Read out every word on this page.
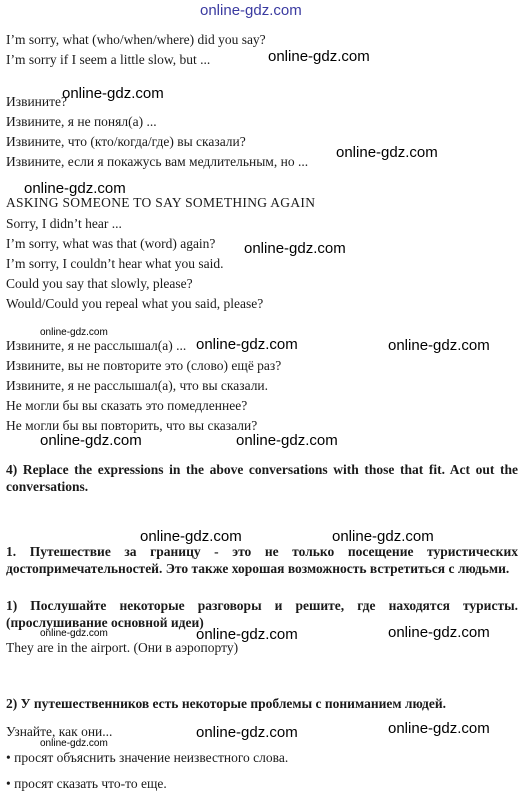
online-gdz.com
online-gdz.com
online-gdz.com
online-gdz.com
online-gdz.com
online-gdz.com
online-gdz.com
online-gdz.com	online-gdz.com
online-gdz.com	online-gdz.com
online-gdz.com	online-gdz.com
online-gdz.com	online-gdz.com	online-gdz.com
online-gdz.com
online-gdz.com
online-gdz.com
I’m sorry, what (who/when/where) did you say?
I’m sorry if I seem a little slow, but ...
Извините?
Извините, я не понял(а) ...
Извините, что (кто/когда/где) вы сказали?
Извините, если я покажусь вам медлительным, но ...
ASKING SOMEONE TO SAY SOMETHING AGAIN
Sorry, I didn’t hear ...
I’m sorry, what was that (word) again?
I’m sorry, I couldn’t hear what you said.
Could you say that slowly, please?
Would/Could you repeal what you said, please?
Извините, я не расслышал(а) ...
Извините, вы не повторите это (слово) ещё раз?
Извините, я не расслышал(а), что вы сказали.
Не могли бы вы сказать это помедленнее?
Не могли бы вы повторить, что вы сказали?
4) Replace the expressions in the above conversations with those that fit. Act out the conversations.
1. Путешествие за границу - это не только посещение туристических достопримечательностей. Это также хорошая возможность встретиться с людьми.
1) Послушайте некоторые разговоры и решите, где находятся туристы. (прослушивание основной идеи)
They are in the airport. (Они в аэропорту)
2) У путешественников есть некоторые проблемы с пониманием людей.
Узнайте, как они...
• просят объяснить значение неизвестного слова.
• просят сказать что-то еще.
